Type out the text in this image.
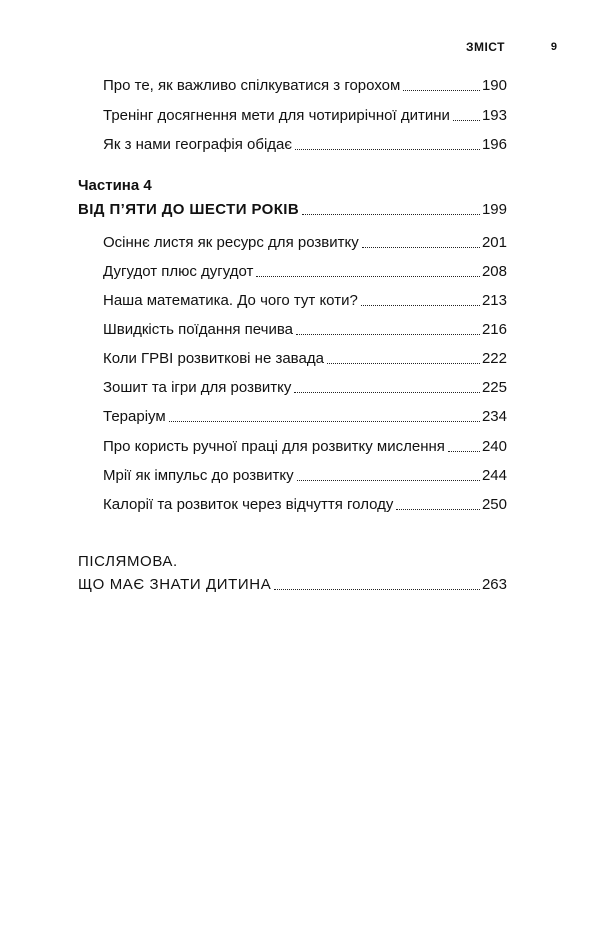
ЗМІСТ	9
Про те, як важливо спілкуватися з горохом	190
Тренінг досягнення мети для чотирирічної дитини 193
Як з нами географія обідає	196
Частина 4
ВІД П’ЯТИ ДО ШЕСТИ РОКІВ	199
Осіннє листя як ресурс для розвитку	201
Дугудот плюс дугудот	208
Наша математика. До чого тут коти?	213
Швидкість поїдання печива	216
Коли ГРВІ розвиткові не завада	222
Зошит та ігри для розвитку	225
Тераріум	234
Про користь ручної праці для розвитку мислення 240
Мрії як імпульс до розвитку	244
Калорії та розвиток через відчуття голоду	250
ПІСЛЯМОВА.
ЩО МАЄ ЗНАТИ ДИТИНА	263
